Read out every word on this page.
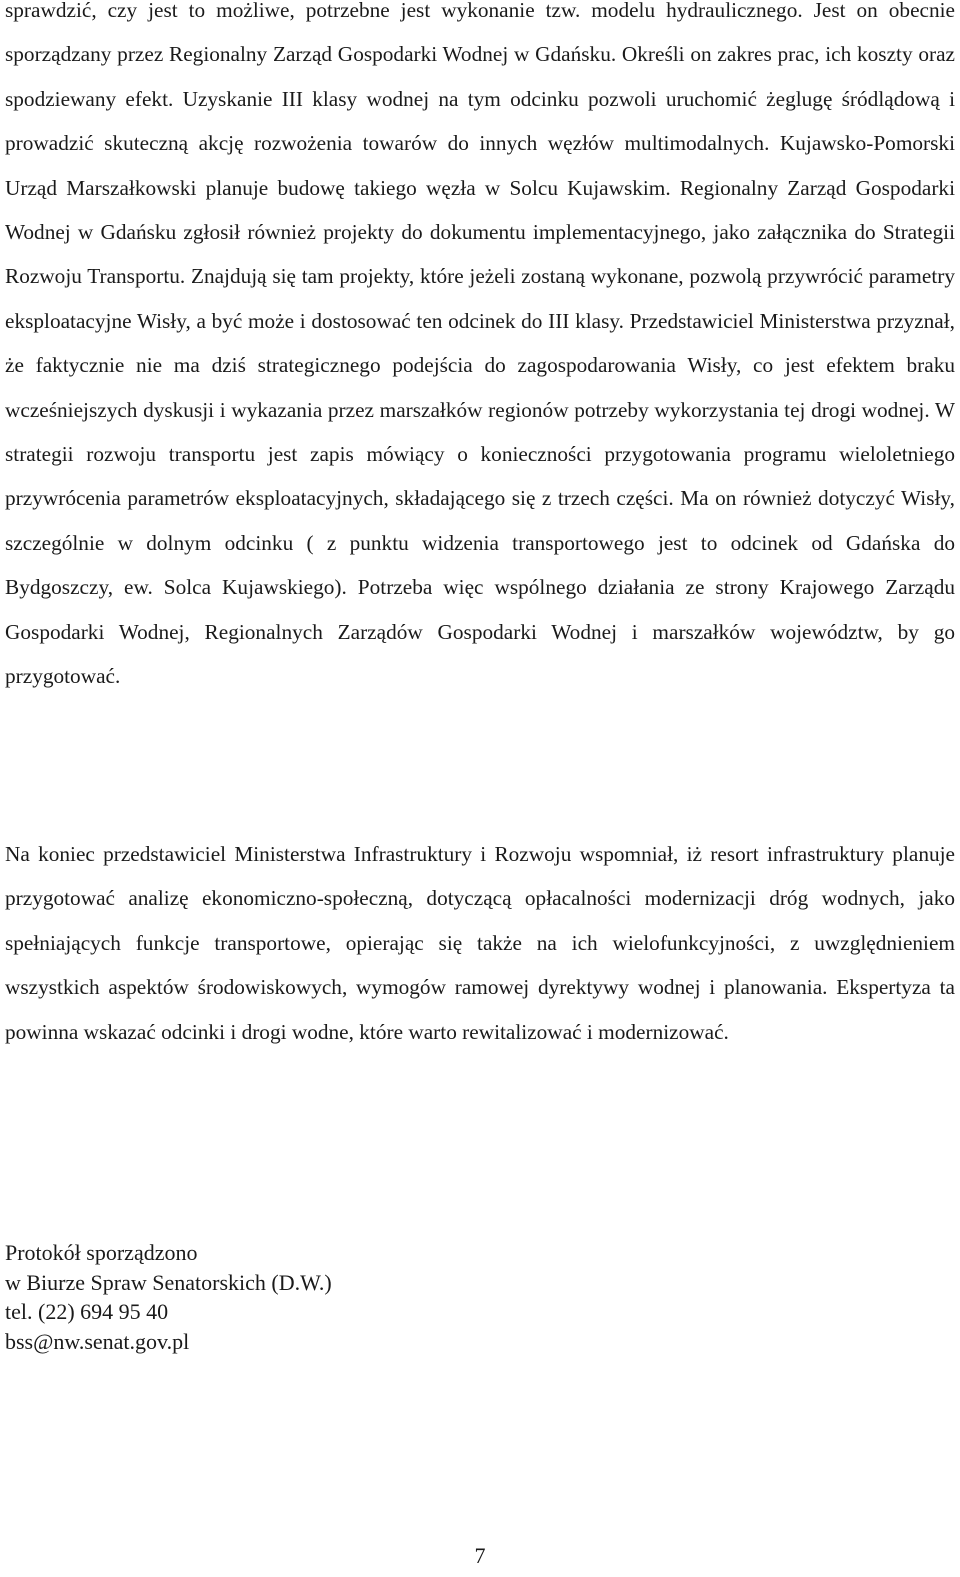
sprawdzić, czy jest to możliwe, potrzebne jest wykonanie tzw. modelu hydraulicznego. Jest on obecnie sporządzany przez Regionalny Zarząd Gospodarki Wodnej w Gdańsku. Określi on zakres prac, ich koszty oraz spodziewany efekt. Uzyskanie III klasy wodnej na tym odcinku pozwoli uruchomić żeglugę śródlądową i prowadzić skuteczną akcję rozwożenia towarów do innych węzłów multimodalnych. Kujawsko-Pomorski Urząd Marszałkowski planuje budowę takiego węzła w Solcu Kujawskim. Regionalny Zarząd Gospodarki Wodnej w Gdańsku zgłosił również projekty do dokumentu implementacyjnego, jako załącznika do Strategii Rozwoju Transportu. Znajdują się tam projekty, które jeżeli zostaną wykonane, pozwolą przywrócić parametry eksploatacyjne Wisły, a być może i dostosować ten odcinek do III klasy. Przedstawiciel Ministerstwa przyznał, że faktycznie nie ma dziś strategicznego podejścia do zagospodarowania Wisły, co jest efektem braku wcześniejszych dyskusji i wykazania przez marszałków regionów potrzeby wykorzystania tej drogi wodnej. W strategii rozwoju transportu jest zapis mówiący o konieczności przygotowania programu wieloletniego przywrócenia parametrów eksploatacyjnych, składającego się z trzech części. Ma on również dotyczyć Wisły, szczególnie w dolnym odcinku ( z punktu widzenia transportowego jest to odcinek od Gdańska do Bydgoszczy, ew. Solca Kujawskiego). Potrzeba więc wspólnego działania ze strony Krajowego Zarządu Gospodarki Wodnej, Regionalnych Zarządów Gospodarki Wodnej i marszałków województw, by go przygotować.

Na koniec przedstawiciel Ministerstwa Infrastruktury i Rozwoju wspomniał, iż resort infrastruktury planuje przygotować analizę ekonomiczno-społeczną, dotyczącą opłacalności modernizacji dróg wodnych, jako spełniających funkcje transportowe, opierając się także na ich wielofunkcyjności, z uwzględnieniem wszystkich aspektów środowiskowych, wymogów ramowej dyrektywy wodnej i planowania. Ekspertyza ta powinna wskazać odcinki i drogi wodne, które warto rewitalizować i modernizować.

Protokół sporządzono
w Biurze Spraw Senatorskich (D.W.)
tel. (22) 694 95 40
bss@nw.senat.gov.pl
7
